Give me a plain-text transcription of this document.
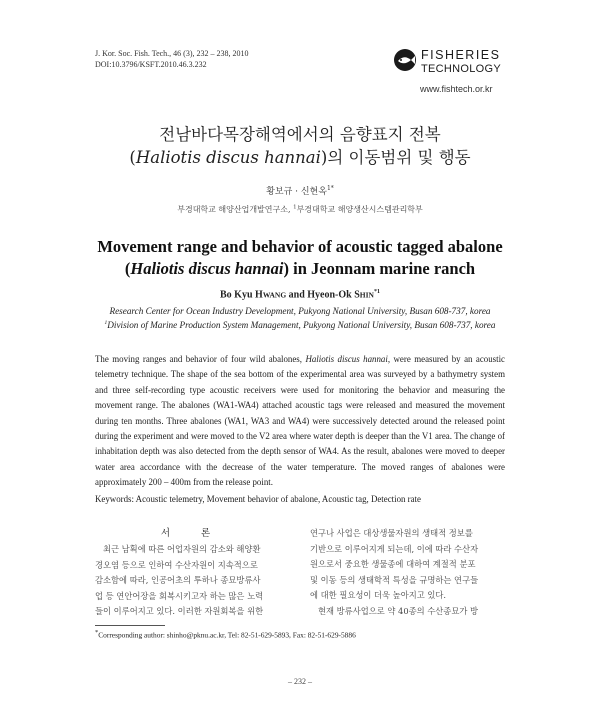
J. Kor. Soc. Fish. Tech., 46 (3), 232 – 238, 2010
DOI:10.3796/KSFT.2010.46.3.232
FISHERIES
TECHNOLOGY
www.fishtech.or.kr
전남바다목장해역에서의 음향표지 전복
(Haliotis discus hannai)의 이동범위 및 행동
황보규 · 신현옥$^{1*}$
부경대학교 해양산업개발연구소, $^1$부경대학교 해양생산시스템관리학부
Movement range and behavior of acoustic tagged abalone
(Haliotis discus hannai) in Jeonnam marine ranch
Bo Kyu HWANG and Hyeon-Ok SHIN$^{*1}$
Research Center for Ocean Industry Development, Pukyong National University, Busan 608-737, korea
$^1$Division of Marine Production System Management, Pukyong National University, Busan 608-737, korea
The moving ranges and behavior of four wild abalones, Haliotis discus hannai, were measured by an acoustic telemetry technique. The shape of the sea bottom of the experimental area was surveyed by a bathymetry system and three self-recording type acoustic receivers were used for monitoring the behavior and measuring the movement range. The abalones (WA1-WA4) attached acoustic tags were released and measured the movement during ten months. Three abalones (WA1, WA3 and WA4) were successively detected around the released point during the experiment and were moved to the V2 area where water depth is deeper than the V1 area. The change of inhabitation depth was also detected from the depth sensor of WA4. As the result, abalones were moved to deeper water area accordance with the decrease of the water temperature. The moved ranges of abalones were approximately 200 – 400m from the release point.
Keywords: Acoustic telemetry, Movement behavior of abalone, Acoustic tag, Detection rate
서 론
최근 남획에 따른 어업자원의 감소와 해양환
경오염 등으로 인하여 수산자원이 지속적으로
감소함에 따라, 인공어초의 투하나 종묘방류사
업 등 연안어장을 회복시키고자 하는 많은 노력
들이 이루어지고 있다. 이러한 자원회복을 위한
연구나 사업은 대상생물자원의 생태적 정보를
기반으로 이루어지게 되는데, 이에 따라 수산자
원으로서 중요한 생물종에 대하여 계절적 분포
및 이동 등의 생태학적 특성을 규명하는 연구들
에 대한 필요성이 더욱 높아지고 있다.
현재 방류사업으로 약 40종의 수산종묘가 방
*Corresponding author: shinho@pknu.ac.kr, Tel: 82-51-629-5893, Fax: 82-51-629-5886
– 232 –
